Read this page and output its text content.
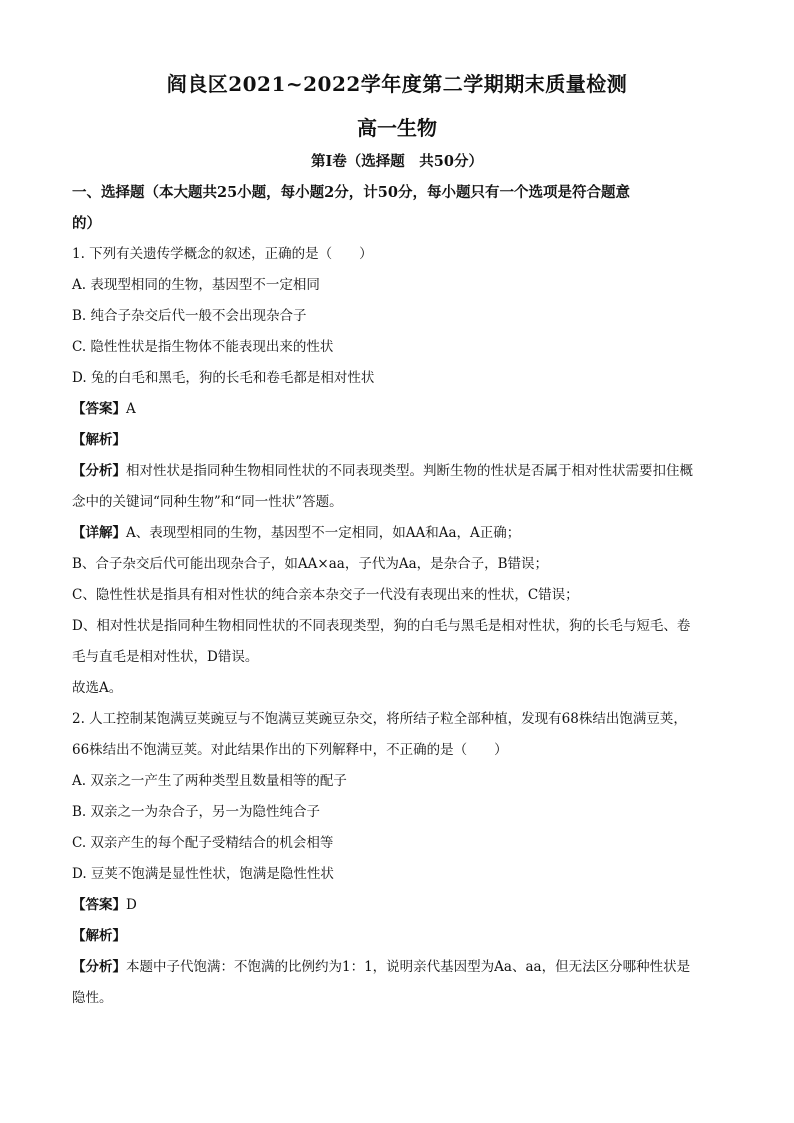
阎良区2021~2022学年度第二学期期末质量检测
高一生物
第I卷（选择题　共50分）
一、选择题（本大题共25小题，每小题2分，计50分，每小题只有一个选项是符合题意
的）
1. 下列有关遗传学概念的叙述，正确的是（　　）
A. 表现型相同的生物，基因型不一定相同
B. 纯合子杂交后代一般不会出现杂合子
C. 隐性性状是指生物体不能表现出来的性状
D. 兔的白毛和黑毛，狗的长毛和卷毛都是相对性状
【答案】A
【解析】
【分析】相对性状是指同种生物相同性状的不同表现类型。判断生物的性状是否属于相对性状需要扣住概
念中的关键词“同种生物”和“同一性状”答题。
【详解】A、表现型相同的生物，基因型不一定相同，如AA和Aa，A正确；
B、合子杂交后代可能出现杂合子，如AA×aa，子代为Aa，是杂合子，B错误；
C、隐性性状是指具有相对性状的纯合亲本杂交子一代没有表现出来的性状，C错误；
D、相对性状是指同种生物相同性状的不同表现类型，狗的白毛与黑毛是相对性状，狗的长毛与短毛、卷
毛与直毛是相对性状，D错误。
故选A。
2. 人工控制某饱满豆荚豌豆与不饱满豆荚豌豆杂交，将所结子粒全部种植，发现有68株结出饱满豆荚，
66株结出不饱满豆荚。对此结果作出的下列解释中，不正确的是（　　）
A. 双亲之一产生了两种类型且数量相等的配子
B. 双亲之一为杂合子，另一为隐性纯合子
C. 双亲产生的每个配子受精结合的机会相等
D. 豆荚不饱满是显性性状，饱满是隐性性状
【答案】D
【解析】
【分析】本题中子代饱满：不饱满的比例约为1：1，说明亲代基因型为Aa、aa，但无法区分哪种性状是
隐性。
